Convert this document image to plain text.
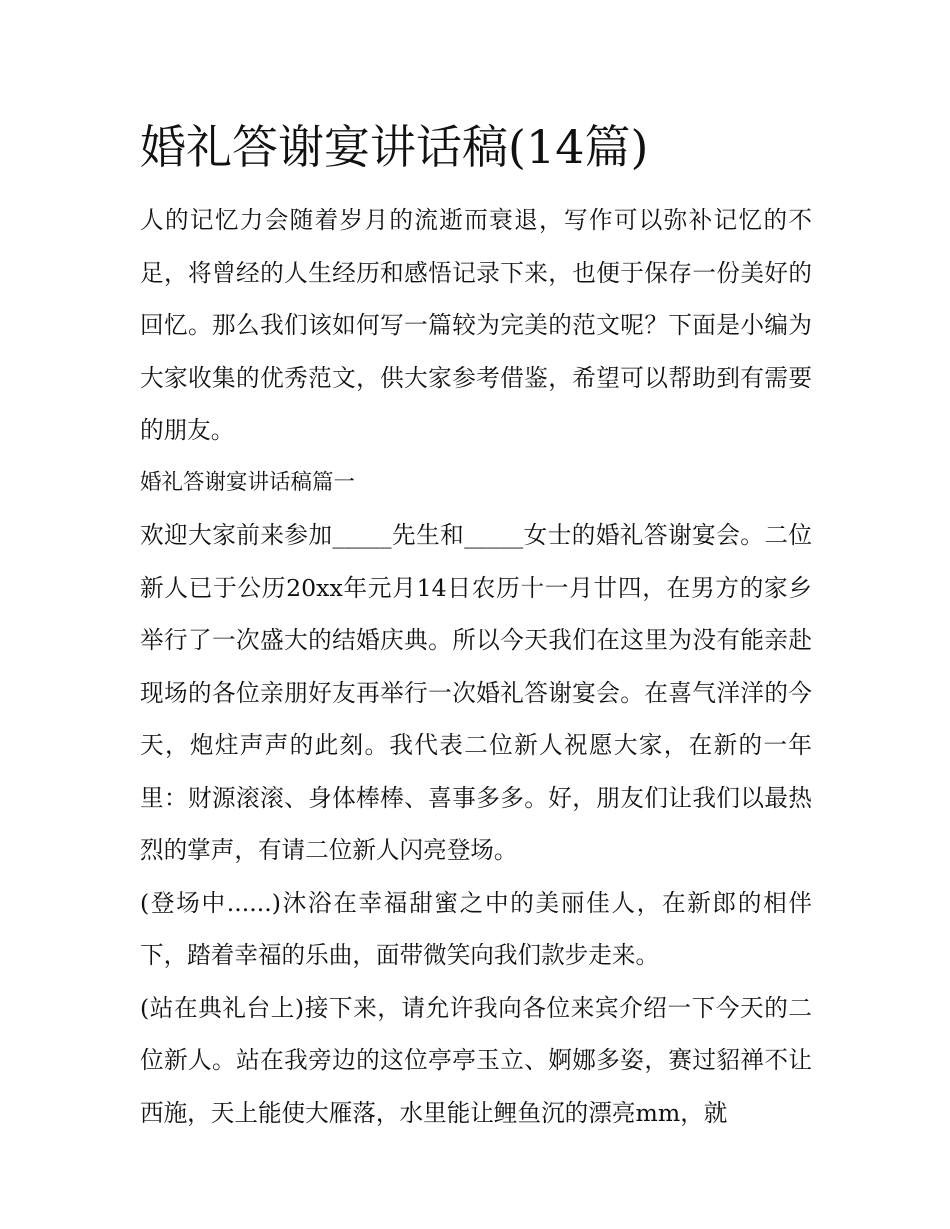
婚礼答谢宴讲话稿(14篇)

人的记忆力会随着岁月的流逝而衰退，写作可以弥补记忆的不足，将曾经的人生经历和感悟记录下来，也便于保存一份美好的回忆。那么我们该如何写一篇较为完美的范文呢？下面是小编为大家收集的优秀范文，供大家参考借鉴，希望可以帮助到有需要的朋友。

婚礼答谢宴讲话稿篇一

欢迎大家前来参加_____先生和_____女士的婚礼答谢宴会。二位新人已于公历20xx年元月14日农历十一月廿四，在男方的家乡举行了一次盛大的结婚庆典。所以今天我们在这里为没有能亲赴现场的各位亲朋好友再举行一次婚礼答谢宴会。在喜气洋洋的今天，炮炷声声的此刻。我代表二位新人祝愿大家，在新的一年里：财源滚滚、身体棒棒、喜事多多。好，朋友们让我们以最热烈的掌声，有请二位新人闪亮登场。

(登场中......)沐浴在幸福甜蜜之中的美丽佳人，在新郎的相伴下，踏着幸福的乐曲，面带微笑向我们款步走来。

(站在典礼台上)接下来，请允许我向各位来宾介绍一下今天的二位新人。站在我旁边的这位亭亭玉立、婀娜多姿，赛过貂禅不让西施，天上能使大雁落，水里能让鲤鱼沉的漂亮mm，就
